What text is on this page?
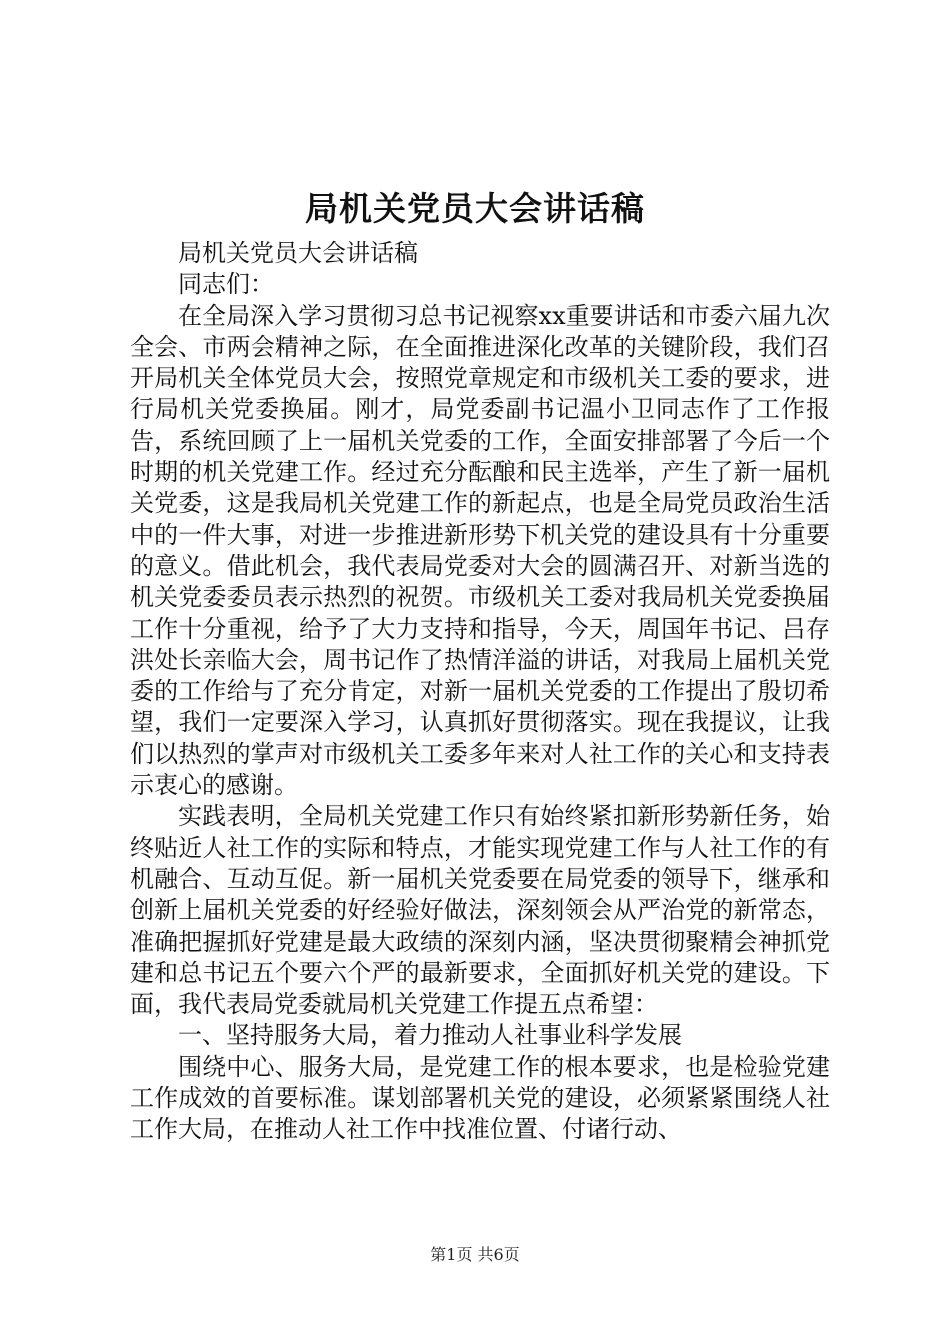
局机关党员大会讲话稿

局机关党员大会讲话稿

同志们：

在全局深入学习贯彻习总书记视察xx重要讲话和市委六届九次全会、市两会精神之际，在全面推进深化改革的关键阶段，我们召开局机关全体党员大会，按照党章规定和市级机关工委的要求，进行局机关党委换届。刚才，局党委副书记温小卫同志作了工作报告，系统回顾了上一届机关党委的工作，全面安排部署了今后一个时期的机关党建工作。经过充分酝酿和民主选举，产生了新一届机关党委，这是我局机关党建工作的新起点，也是全局党员政治生活中的一件大事，对进一步推进新形势下机关党的建设具有十分重要的意义。借此机会，我代表局党委对大会的圆满召开、对新当选的机关党委委员表示热烈的祝贺。市级机关工委对我局机关党委换届工作十分重视，给予了大力支持和指导，今天，周国年书记、吕存洪处长亲临大会，周书记作了热情洋溢的讲话，对我局上届机关党委的工作给与了充分肯定，对新一届机关党委的工作提出了殷切希望，我们一定要深入学习，认真抓好贯彻落实。现在我提议，让我们以热烈的掌声对市级机关工委多年来对人社工作的关心和支持表示衷心的感谢。

实践表明，全局机关党建工作只有始终紧扣新形势新任务，始终贴近人社工作的实际和特点，才能实现党建工作与人社工作的有机融合、互动互促。新一届机关党委要在局党委的领导下，继承和创新上届机关党委的好经验好做法，深刻领会从严治党的新常态，准确把握抓好党建是最大政绩的深刻内涵，坚决贯彻聚精会神抓党建和总书记五个要六个严的最新要求，全面抓好机关党的建设。下面，我代表局党委就局机关党建工作提五点希望：

一、坚持服务大局，着力推动人社事业科学发展

围绕中心、服务大局，是党建工作的根本要求，也是检验党建工作成效的首要标准。谋划部署机关党的建设，必须紧紧围绕人社工作大局，在推动人社工作中找准位置、付诸行动、

第1页 共6页
